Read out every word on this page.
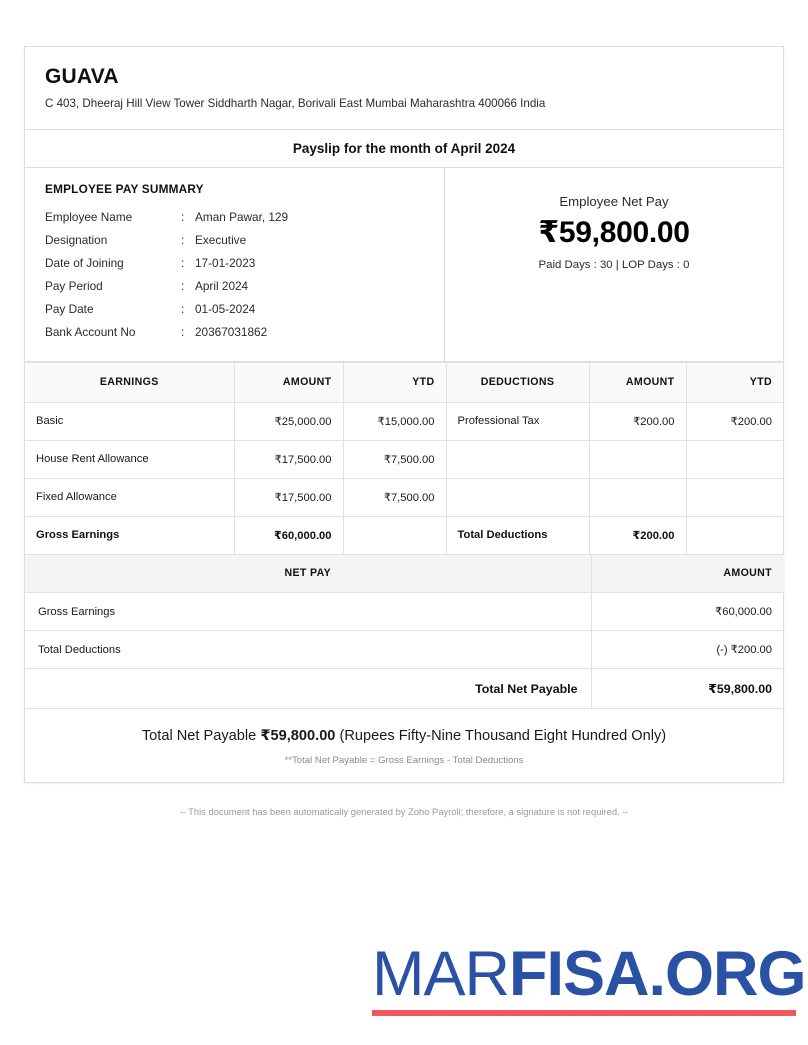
GUAVA
C 403, Dheeraj Hill View Tower Siddharth Nagar, Borivali East Mumbai Maharashtra 400066 India
Payslip for the month of April 2024
EMPLOYEE PAY SUMMARY
Employee Name	: Aman Pawar, 129
Designation	: Executive
Date of Joining	: 17-01-2023
Pay Period	: April 2024
Pay Date	: 01-05-2024
Bank Account No	: 20367031862
Employee Net Pay
₹59,800.00
Paid Days : 30 | LOP Days : 0
EARNINGS	AMOUNT	YTD	DEDUCTIONS	AMOUNT	YTD
Basic	₹25,000.00	₹15,000.00	Professional Tax	₹200.00	₹200.00
House Rent Allowance	₹17,500.00	₹7,500.00			
Fixed Allowance	₹17,500.00	₹7,500.00			
Gross Earnings	₹60,000.00		Total Deductions	₹200.00	
NET PAY	AMOUNT
Gross Earnings	₹60,000.00
Total Deductions	(-) ₹200.00
Total Net Payable	₹59,800.00
Total Net Payable ₹59,800.00 (Rupees Fifty-Nine Thousand Eight Hundred Only)
**Total Net Payable = Gross Earnings - Total Deductions
-- This document has been automatically generated by Zoho Payroll; therefore, a signature is not required. --
MARFISA.ORG
